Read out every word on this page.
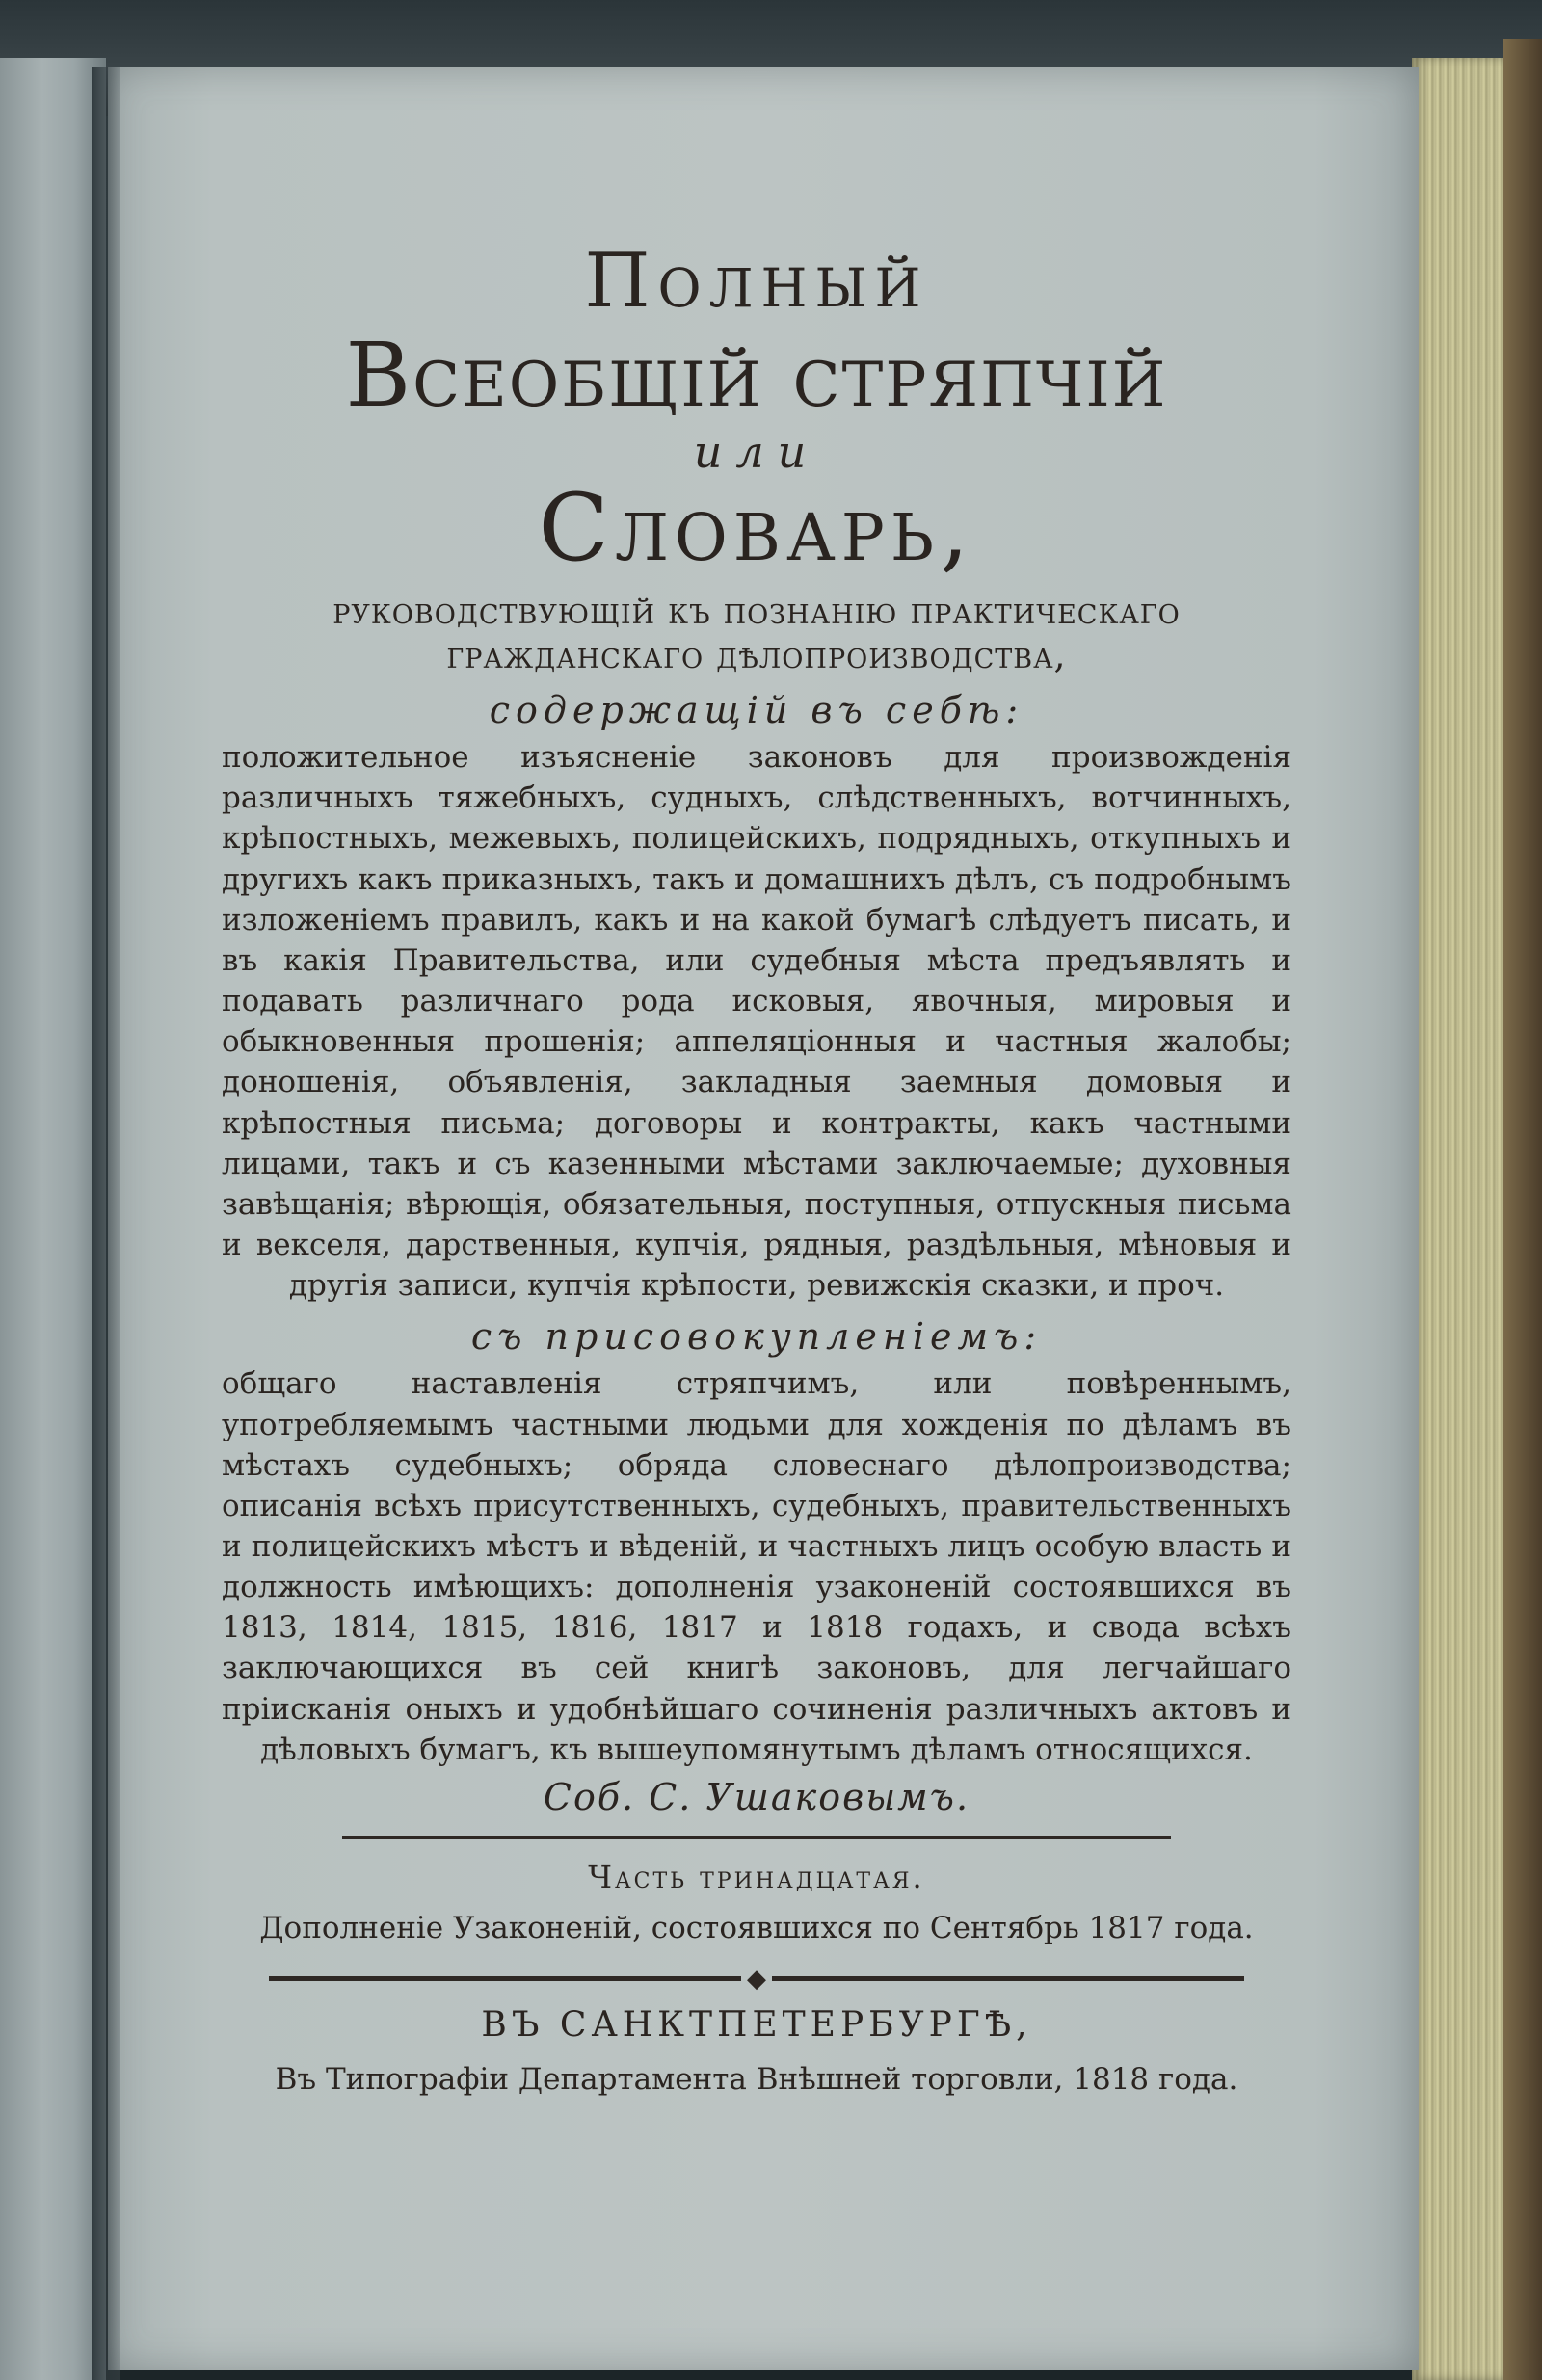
Полный
Всеобщій стряпчій
или
Словарь,

руководствующій къ познанію практическаго гражданскаго дѣлопроизводства,

содержащій въ себѣ:

положительное изъясненіе законовъ для произвожденія различныхъ тяжебныхъ, судныхъ, слѣдственныхъ, вотчинныхъ, крѣпостныхъ, межевыхъ, полицейскихъ, подрядныхъ, откупныхъ и другихъ какъ приказныхъ, такъ и домашнихъ дѣлъ, съ подробнымъ изложеніемъ правилъ, какъ и на какой бумагѣ слѣдуетъ писать, и въ какія Правительства, или судебныя мѣста предъявлять и подавать различнаго рода исковыя, явочныя, мировыя и обыкновенныя прошенія; аппеляціонныя и частныя жалобы; доношенія, объявленія, закладныя заемныя домовыя и крѣпостныя письма; договоры и контракты, какъ частными лицами, такъ и съ казенными мѣстами заключаемые; духовныя завѣщанія; вѣрющія, обязательныя, поступныя, отпускныя письма и векселя, дарственныя, купчія, рядныя, раздѣльныя, мѣновыя и другія записи, купчія крѣпости, ревижскія сказки, и проч.

съ присовокупленіемъ:

общаго наставленія стряпчимъ, или повѣреннымъ, употребляемымъ частными людьми для хожденія по дѣламъ въ мѣстахъ судебныхъ; обряда словеснаго дѣлопроизводства; описанія всѣхъ присутственныхъ, судебныхъ, правительственныхъ и полицейскихъ мѣстъ и вѣденій, и частныхъ лицъ особую власть и должность имѣющихъ: дополненія узаконеній состоявшихся въ 1813, 1814, 1815, 1816, 1817 и 1818 годахъ, и свода всѣхъ заключающихся въ сей книгѣ законовъ, для легчайшаго пріисканія оныхъ и удобнѣйшаго сочиненія различныхъ актовъ и дѣловыхъ бумагъ, къ вышеупомянутымъ дѣламъ относящихся.

Соб. С. Ушаковымъ.
Часть тринадцатая.
Дополненіе Узаконеній, состоявшихся по Сентябрь 1817 года.
◆
ВЪ САНКТПЕТЕРБУРГѢ,
Въ Типографіи Департамента Внѣшней торговли, 1818 года.
